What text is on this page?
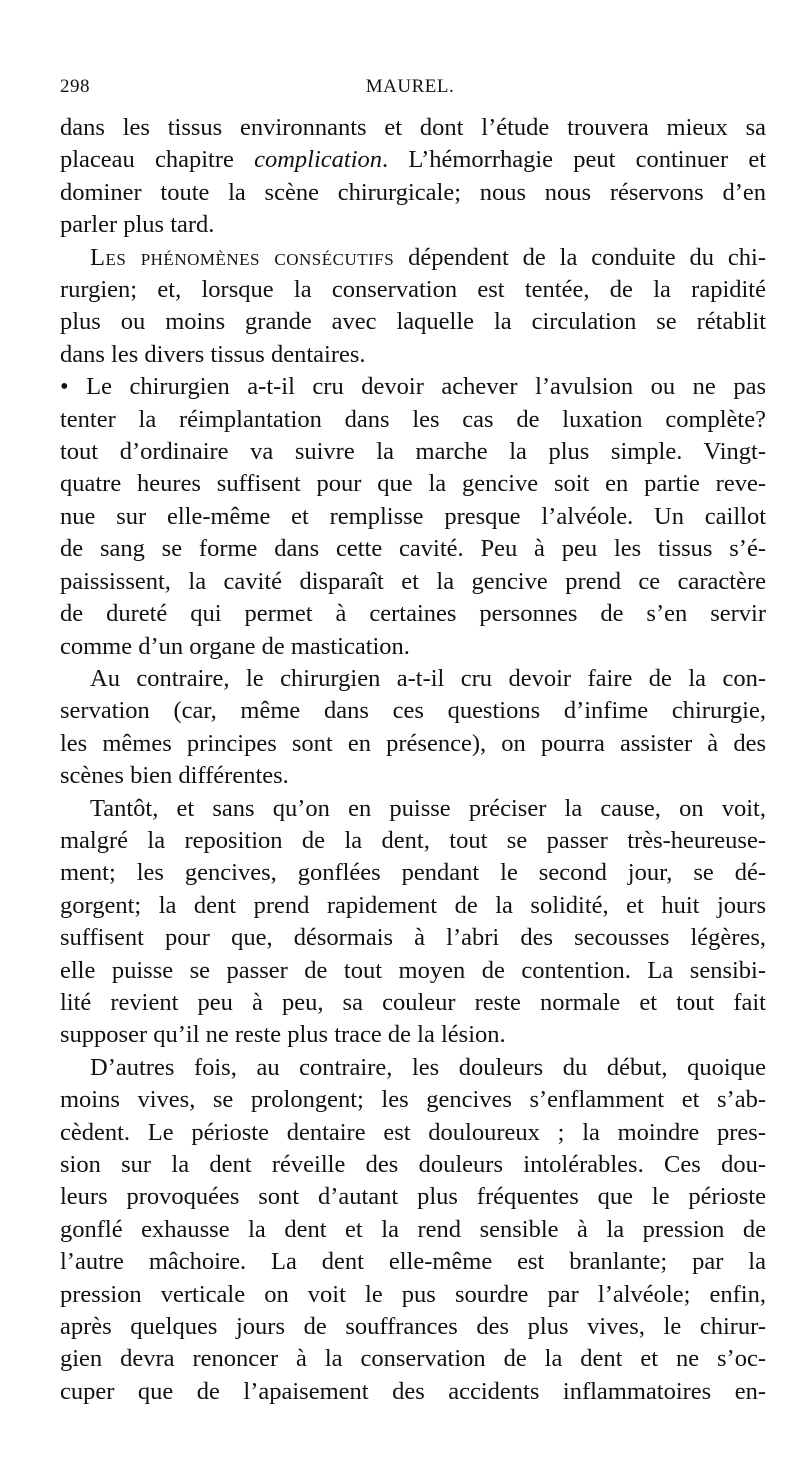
298	MAUREL.
dans les tissus environnants et dont l’étude trouvera mieux sa
placeau chapitre complication. L’hémorrhagie peut continuer et
dominer toute la scène chirurgicale; nous nous réservons d’en
parler plus tard.
Les phénomènes consécutifs dépendent de la conduite du chi-
rurgien; et, lorsque la conservation est tentée, de la rapidité
plus ou moins grande avec laquelle la circulation se rétablit
dans les divers tissus dentaires.
• Le chirurgien a-t-il cru devoir achever l’avulsion ou ne pas
tenter la réimplantation dans les cas de luxation complète?
tout d’ordinaire va suivre la marche la plus simple. Vingt-
quatre heures suffisent pour que la gencive soit en partie reve-
nue sur elle-même et remplisse presque l’alvéole. Un caillot
de sang se forme dans cette cavité. Peu à peu les tissus s’é-
paississent, la cavité disparaît et la gencive prend ce caractère
de dureté qui permet à certaines personnes de s’en servir
comme d’un organe de mastication.
Au contraire, le chirurgien a-t-il cru devoir faire de la con-
servation (car, même dans ces questions d’infime chirurgie,
les mêmes principes sont en présence), on pourra assister à des
scènes bien différentes.
Tantôt, et sans qu’on en puisse préciser la cause, on voit,
malgré la reposition de la dent, tout se passer très-heureuse-
ment; les gencives, gonflées pendant le second jour, se dé-
gorgent; la dent prend rapidement de la solidité, et huit jours
suffisent pour que, désormais à l’abri des secousses légères,
elle puisse se passer de tout moyen de contention. La sensibi-
lité revient peu à peu, sa couleur reste normale et tout fait
supposer qu’il ne reste plus trace de la lésion.
D’autres fois, au contraire, les douleurs du début, quoique
moins vives, se prolongent; les gencives s’enflamment et s’ab-
cèdent. Le périoste dentaire est douloureux ; la moindre pres-
sion sur la dent réveille des douleurs intolérables. Ces dou-
leurs provoquées sont d’autant plus fréquentes que le périoste
gonflé exhausse la dent et la rend sensible à la pression de
l’autre mâchoire. La dent elle-même est branlante; par la
pression verticale on voit le pus sourdre par l’alvéole; enfin,
après quelques jours de souffrances des plus vives, le chirur-
gien devra renoncer à la conservation de la dent et ne s’oc-
cuper que de l’apaisement des accidents inflammatoires en-
